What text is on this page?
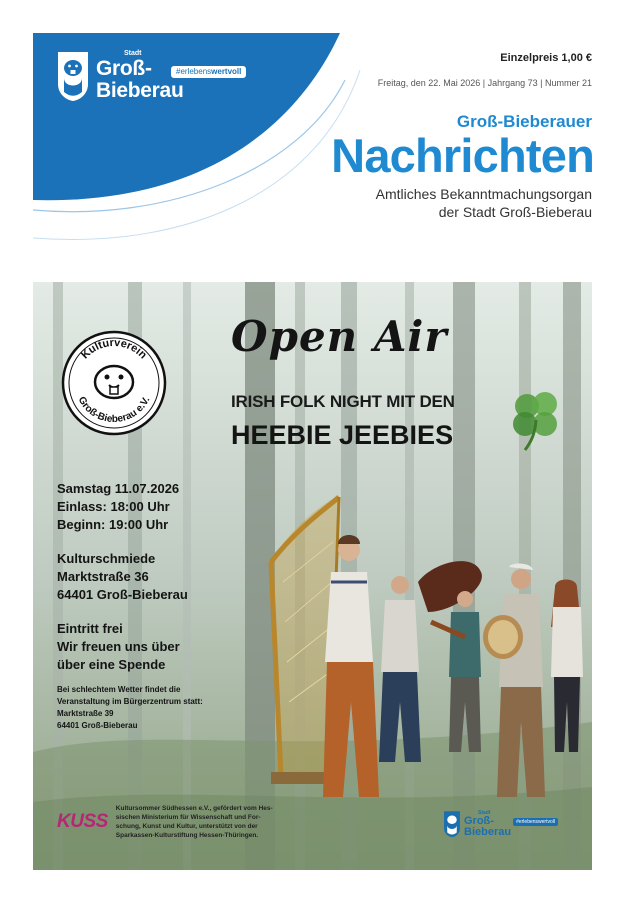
Stadt
Groß-
Bieberau
#erlebenswertvoll
Einzelpreis 1,00 €
Freitag, den 22. Mai 2026 | Jahrgang 73 | Nummer 21
Groß-Bieberauer
Nachrichten
Amtliches Bekanntmachungsorgan
der Stadt Groß-Bieberau
Kulturverein
Groß-Bieberau e.V.
Open Air
IRISH FOLK NIGHT MIT DEN
HEEBIE JEEBIES
Samstag 11.07.2026
Einlass: 18:00 Uhr
Beginn: 19:00 Uhr
Kulturschmiede
Marktstraße 36
64401 Groß-Bieberau
Eintritt frei
Wir freuen uns über
über eine Spende
Bei schlechtem Wetter findet die
Veranstaltung im Bürgerzentrum statt:
Marktstraße 39
64401 Groß-Bieberau
KUSS
Kultursommer Südhessen e.V., gefördert vom Hes-
sischen Ministerium für Wissenschaft und For-
schung, Kunst und Kultur, unterstützt von der
Sparkassen-Kulturstiftung Hessen-Thüringen.
Stadt
Groß-
Bieberau
#erlebenswertvoll
